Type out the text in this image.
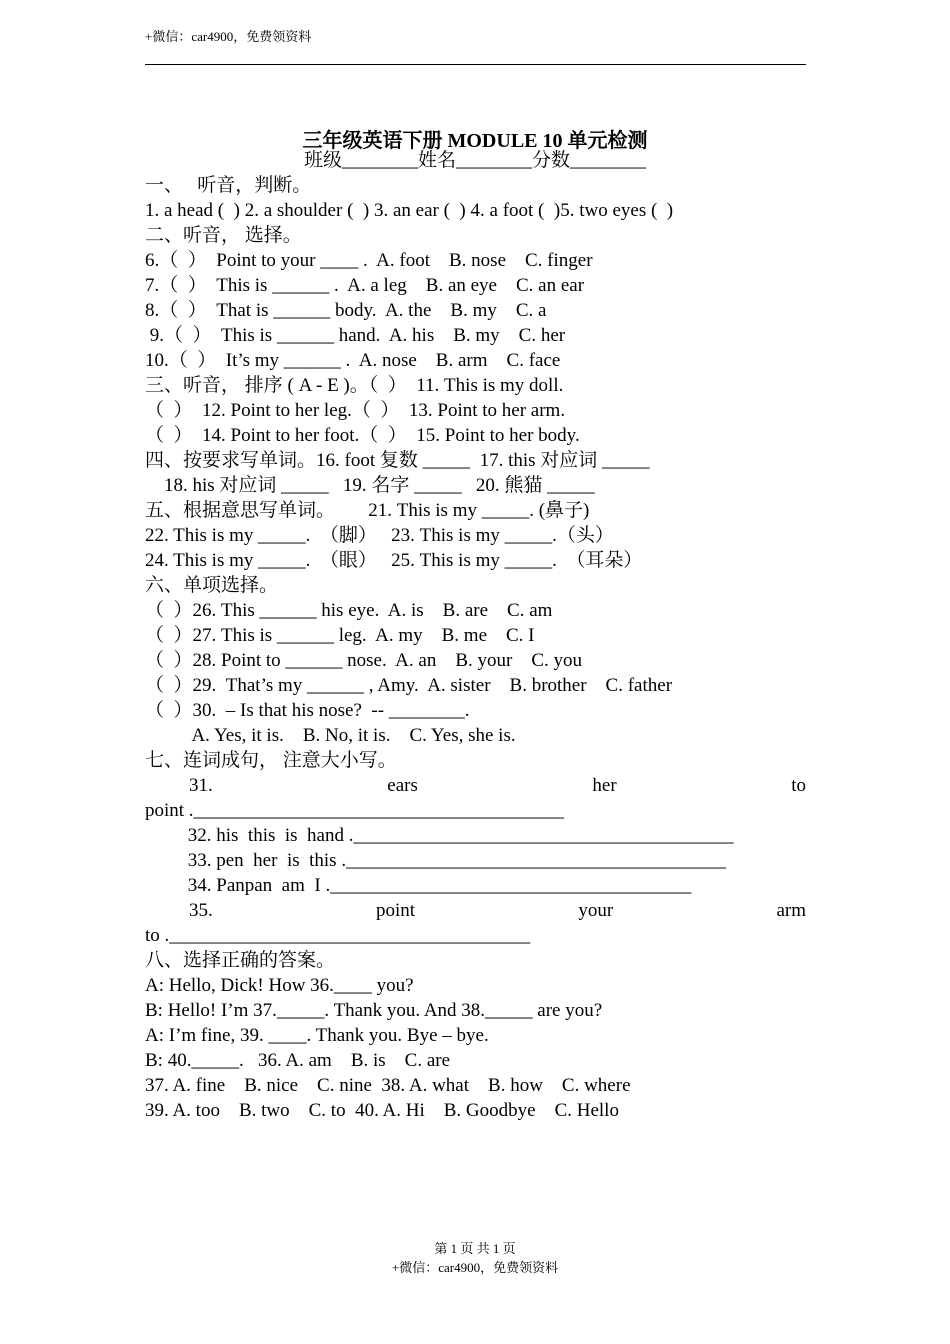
+微信：car4900，免费领资料
三年级英语下册 MODULE 10 单元检测
班级________姓名________分数________
一、   听音，判断。
1. a head (  ) 2. a shoulder (  ) 3. an ear (  ) 4. a foot (  )5. two eyes (  )
二、听音， 选择。
6.（  ）  Point to your ____ .  A. foot    B. nose    C. finger
7.（  ）  This is ______ .  A. a leg    B. an eye    C. an ear
8.（  ）  That is ______ body.  A. the    B. my    C. a
9.（  ）  This is ______ hand.  A. his    B. my    C. her
10.（  ）  It’s my ______ .  A. nose    B. arm    C. face
三、听音， 排序 ( A - E )。（  ）  11. This is my doll.
（  ）  12. Point to her leg.（  ）  13. Point to her arm.
（  ）  14. Point to her foot.（  ）  15. Point to her body.
四、按要求写单词。16. foot 复数 _____  17. this 对应词 _____
18. his 对应词 _____   19. 名字 _____   20. 熊猫 _____
五、根据意思写单词。       21. This is my _____. (鼻子)
22. This is my _____.  （脚）   23. This is my _____.（头）
24. This is my _____.  （眼）   25. This is my _____.  （耳朵）
六、单项选择。
（  ）26. This ______ his eye.  A. is    B. are    C. am
（  ）27. This is ______ leg.  A. my    B. me    C. I
（  ）28. Point to ______ nose.  A. an    B. your    C. you
（  ）29.  That’s my ______ , Amy.  A. sister    B. brother    C. father
（  ）30.  – Is that his nose?  -- ________.
A. Yes, it is.    B. No, it is.    C. Yes, she is.
七、连词成句， 注意大小写。
31.	ears	her	to
point ._______________________________________
32. his  this  is  hand .________________________________________
33. pen  her  is  this .________________________________________
34. Panpan  am  I .______________________________________
35.	point	your	arm
to .______________________________________
八、选择正确的答案。
A: Hello, Dick! How 36.____ you?
B: Hello! I’m 37._____. Thank you. And 38._____ are you?
A: I’m fine, 39. ____. Thank you. Bye – bye.
B: 40._____.   36. A. am    B. is    C. are
37. A. fine    B. nice    C. nine  38. A. what    B. how    C. where
39. A. too    B. two    C. to  40. A. Hi    B. Goodbye    C. Hello
第 1 页 共 1 页
+微信：car4900，免费领资料
